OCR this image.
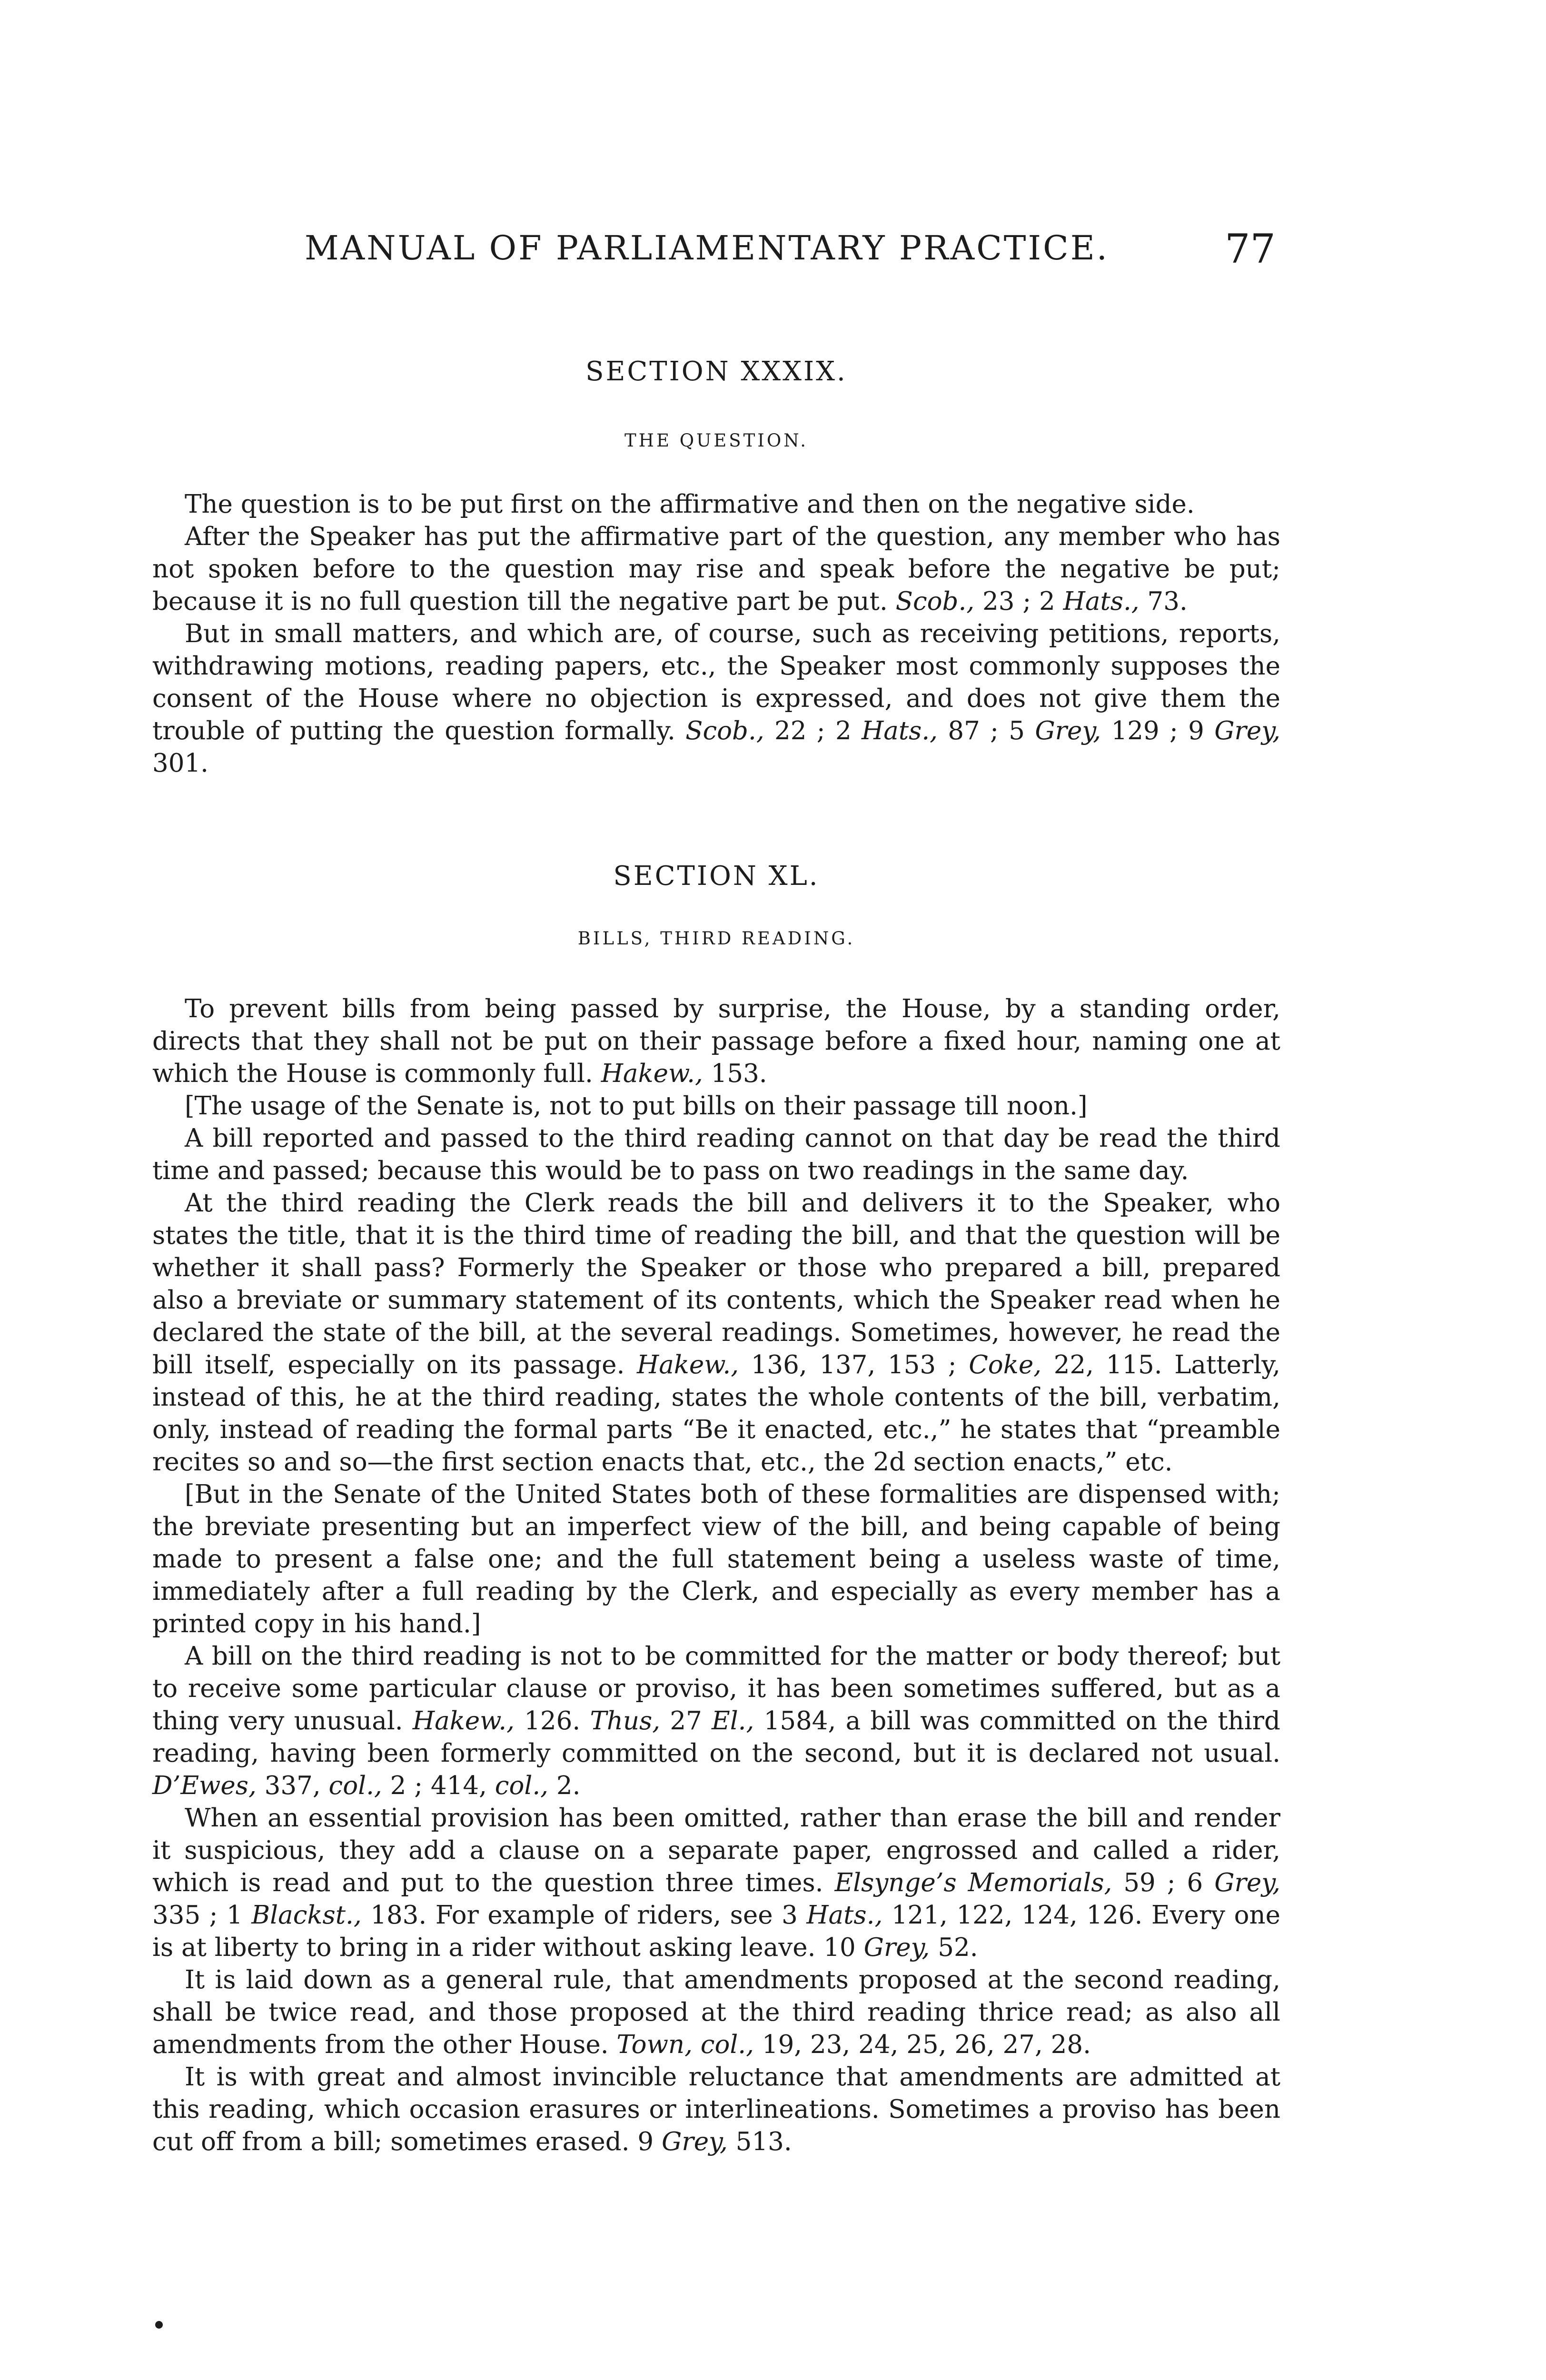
MANUAL OF PARLIAMENTARY PRACTICE.	77
SECTION XXXIX.
THE QUESTION.

The question is to be put first on the affirmative and then on the negative side.

After the Speaker has put the affirmative part of the question, any member who has not spoken before to the question may rise and speak before the negative be put; because it is no full question till the negative part be put. Scob., 23 ; 2 Hats., 73.

But in small matters, and which are, of course, such as receiving petitions, reports, withdrawing motions, reading papers, etc., the Speaker most commonly supposes the consent of the House where no objection is expressed, and does not give them the trouble of putting the question formally. Scob., 22 ; 2 Hats., 87 ; 5 Grey, 129 ; 9 Grey, 301.

SECTION XL.
BILLS, THIRD READING.

To prevent bills from being passed by surprise, the House, by a standing order, directs that they shall not be put on their passage before a fixed hour, naming one at which the House is commonly full. Hakew., 153.

[The usage of the Senate is, not to put bills on their passage till noon.]

A bill reported and passed to the third reading cannot on that day be read the third time and passed; because this would be to pass on two readings in the same day.

At the third reading the Clerk reads the bill and delivers it to the Speaker, who states the title, that it is the third time of reading the bill, and that the question will be whether it shall pass? Formerly the Speaker or those who prepared a bill, prepared also a breviate or summary statement of its contents, which the Speaker read when he declared the state of the bill, at the several readings. Sometimes, however, he read the bill itself, especially on its passage. Hakew., 136, 137, 153 ; Coke, 22, 115. Latterly, instead of this, he at the third reading, states the whole contents of the bill, verbatim, only, instead of reading the formal parts “Be it enacted, etc.,” he states that “preamble recites so and so—the first section enacts that, etc., the 2d section enacts,” etc.

[But in the Senate of the United States both of these formalities are dispensed with; the breviate presenting but an imperfect view of the bill, and being capable of being made to present a false one; and the full statement being a useless waste of time, immediately after a full reading by the Clerk, and especially as every member has a printed copy in his hand.]

A bill on the third reading is not to be committed for the matter or body thereof; but to receive some particular clause or proviso, it has been sometimes suffered, but as a thing very unusual. Hakew., 126. Thus, 27 El., 1584, a bill was committed on the third reading, having been formerly committed on the second, but it is declared not usual. D’Ewes, 337, col., 2 ; 414, col., 2.

When an essential provision has been omitted, rather than erase the bill and render it suspicious, they add a clause on a separate paper, engrossed and called a rider, which is read and put to the question three times. Elsynge’s Memorials, 59 ; 6 Grey, 335 ; 1 Blackst., 183. For example of riders, see 3 Hats., 121, 122, 124, 126. Every one is at liberty to bring in a rider without asking leave. 10 Grey, 52.

It is laid down as a general rule, that amendments proposed at the second reading, shall be twice read, and those proposed at the third reading thrice read; as also all amendments from the other House. Town, col., 19, 23, 24, 25, 26, 27, 28.

It is with great and almost invincible reluctance that amendments are admitted at this reading, which occasion erasures or interlineations. Sometimes a proviso has been cut off from a bill; sometimes erased. 9 Grey, 513.
